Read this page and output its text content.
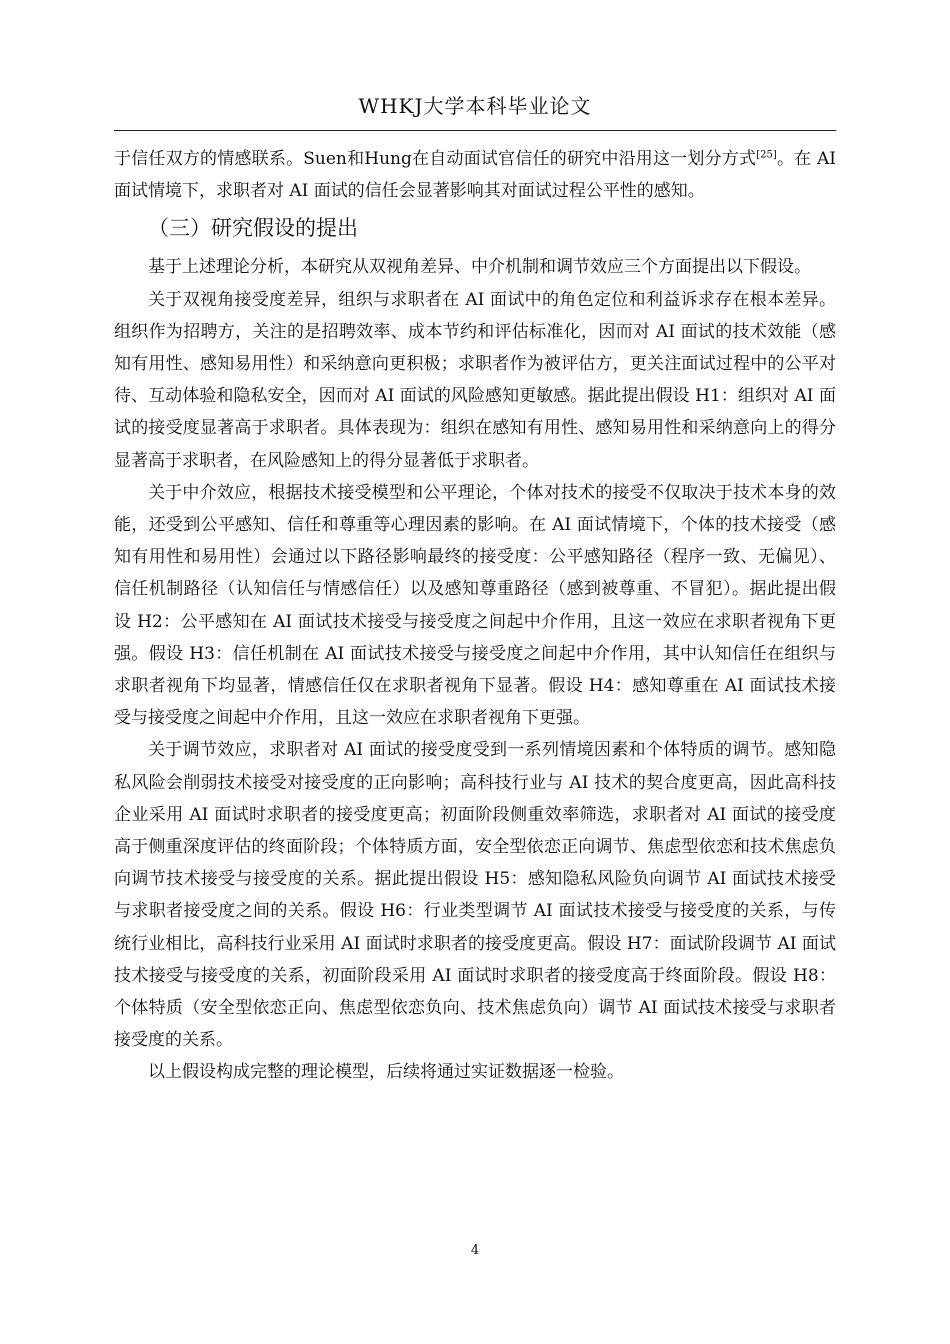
WHKJ大学本科毕业论文

于信任双方的情感联系。Suen和Hung在自动面试官信任的研究中沿用这一划分方式[25]。在 AI 面试情境下，求职者对 AI 面试的信任会显著影响其对面试过程公平性的感知。

（三）研究假设的提出

基于上述理论分析，本研究从双视角差异、中介机制和调节效应三个方面提出以下假设。

关于双视角接受度差异，组织与求职者在 AI 面试中的角色定位和利益诉求存在根本差异。组织作为招聘方，关注的是招聘效率、成本节约和评估标准化，因而对 AI 面试的技术效能（感知有用性、感知易用性）和采纳意向更积极；求职者作为被评估方，更关注面试过程中的公平对待、互动体验和隐私安全，因而对 AI 面试的风险感知更敏感。据此提出假设 H1：组织对 AI 面试的接受度显著高于求职者。具体表现为：组织在感知有用性、感知易用性和采纳意向上的得分显著高于求职者，在风险感知上的得分显著低于求职者。

关于中介效应，根据技术接受模型和公平理论，个体对技术的接受不仅取决于技术本身的效能，还受到公平感知、信任和尊重等心理因素的影响。在 AI 面试情境下，个体的技术接受（感知有用性和易用性）会通过以下路径影响最终的接受度：公平感知路径（程序一致、无偏见）、信任机制路径（认知信任与情感信任）以及感知尊重路径（感到被尊重、不冒犯）。据此提出假设 H2：公平感知在 AI 面试技术接受与接受度之间起中介作用，且这一效应在求职者视角下更强。假设 H3：信任机制在 AI 面试技术接受与接受度之间起中介作用，其中认知信任在组织与求职者视角下均显著，情感信任仅在求职者视角下显著。假设 H4：感知尊重在 AI 面试技术接受与接受度之间起中介作用，且这一效应在求职者视角下更强。

关于调节效应，求职者对 AI 面试的接受度受到一系列情境因素和个体特质的调节。感知隐私风险会削弱技术接受对接受度的正向影响；高科技行业与 AI 技术的契合度更高，因此高科技企业采用 AI 面试时求职者的接受度更高；初面阶段侧重效率筛选，求职者对 AI 面试的接受度高于侧重深度评估的终面阶段；个体特质方面，安全型依恋正向调节、焦虑型依恋和技术焦虑负向调节技术接受与接受度的关系。据此提出假设 H5：感知隐私风险负向调节 AI 面试技术接受与求职者接受度之间的关系。假设 H6：行业类型调节 AI 面试技术接受与接受度的关系，与传统行业相比，高科技行业采用 AI 面试时求职者的接受度更高。假设 H7：面试阶段调节 AI 面试技术接受与接受度的关系，初面阶段采用 AI 面试时求职者的接受度高于终面阶段。假设 H8：个体特质（安全型依恋正向、焦虑型依恋负向、技术焦虑负向）调节 AI 面试技术接受与求职者接受度的关系。

以上假设构成完整的理论模型，后续将通过实证数据逐一检验。

4
